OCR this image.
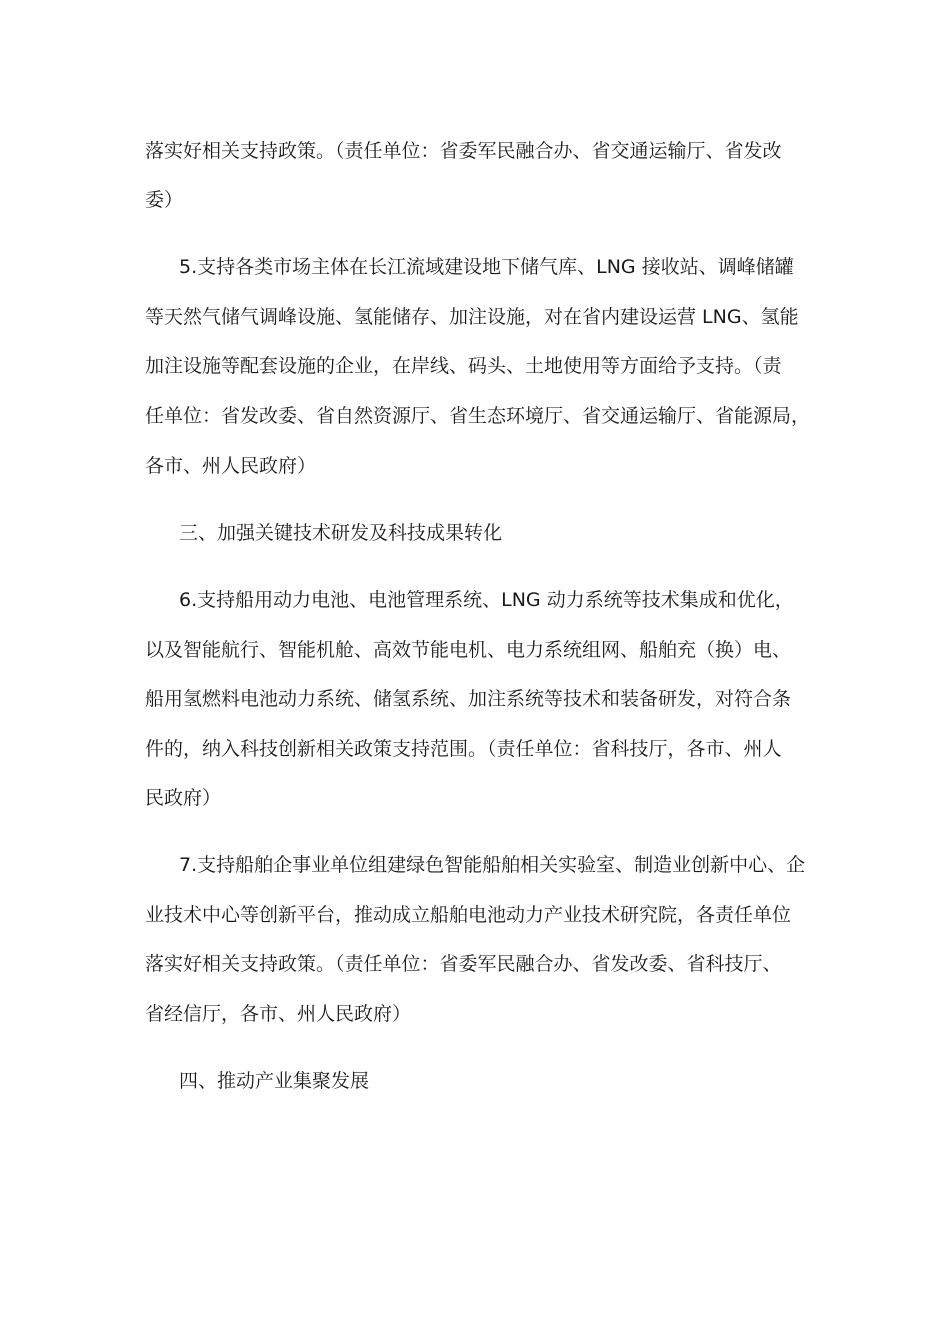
落实好相关支持政策。（责任单位：省委军民融合办、省交通运输厅、省发改
委）
5.支持各类市场主体在长江流域建设地下储气库、LNG 接收站、调峰储罐
等天然气储气调峰设施、氢能储存、加注设施，对在省内建设运营 LNG、氢能
加注设施等配套设施的企业，在岸线、码头、土地使用等方面给予支持。（责
任单位：省发改委、省自然资源厅、省生态环境厅、省交通运输厅、省能源局，
各市、州人民政府）
三、加强关键技术研发及科技成果转化
6.支持船用动力电池、电池管理系统、LNG 动力系统等技术集成和优化，
以及智能航行、智能机舱、高效节能电机、电力系统组网、船舶充（换）电、
船用氢燃料电池动力系统、储氢系统、加注系统等技术和装备研发，对符合条
件的，纳入科技创新相关政策支持范围。（责任单位：省科技厅，各市、州人
民政府）
7.支持船舶企事业单位组建绿色智能船舶相关实验室、制造业创新中心、企
业技术中心等创新平台，推动成立船舶电池动力产业技术研究院，各责任单位
落实好相关支持政策。（责任单位：省委军民融合办、省发改委、省科技厅、
省经信厅，各市、州人民政府）
四、推动产业集聚发展
